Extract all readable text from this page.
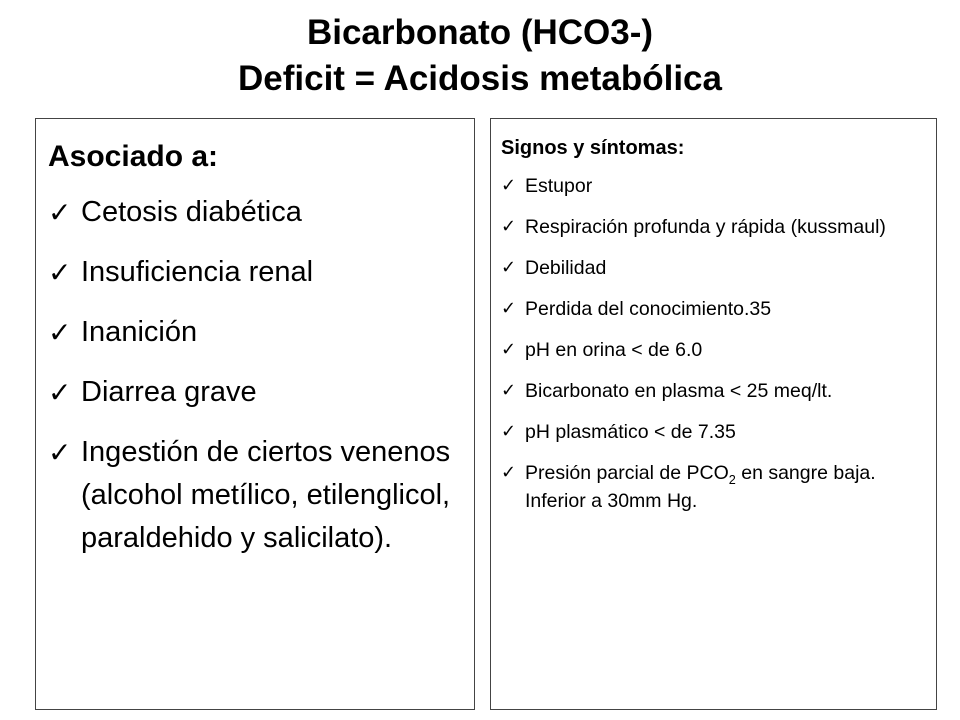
Bicarbonato (HCO3-)
Deficit = Acidosis metabólica
Asociado a:
✓ Cetosis diabética
✓ Insuficiencia renal
✓ Inanición
✓ Diarrea grave
✓ Ingestión de ciertos venenos (alcohol metílico, etilenglicol, paraldehido y salicilato).
Signos y síntomas:
✓ Estupor
✓ Respiración profunda y rápida (kussmaul)
✓ Debilidad
✓ Perdida del conocimiento.35
✓ pH en orina < de 6.0
✓ Bicarbonato en plasma < 25 meq/lt.
✓ pH plasmático < de 7.35
✓ Presión parcial de $PCO_2$ en sangre baja. Inferior a 30mm Hg.
